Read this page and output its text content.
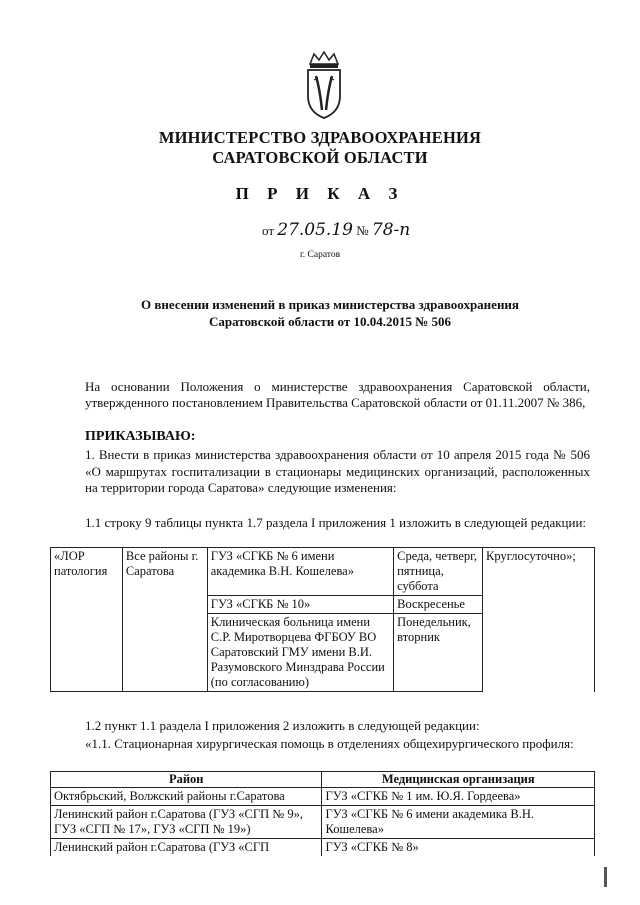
МИНИСТЕРСТВО ЗДРАВООХРАНЕНИЯ
САРАТОВСКОЙ ОБЛАСТИ
П Р И К А З
от 27.05.19 № 78-п
г. Саратов
О внесении изменений в приказ министерства здравоохранения
Саратовской области от 10.04.2015 № 506
На основании Положения о министерстве здравоохранения Саратовской области, утвержденного постановлением Правительства Саратовской области от 01.11.2007 № 386,
ПРИКАЗЫВАЮ:
1. Внести в приказ министерства здравоохранения области от 10 апреля 2015 года № 506 «О маршрутах госпитализации в стационары медицинских организаций, расположенных на территории города Саратова» следующие изменения:
1.1 строку 9 таблицы пункта 1.7 раздела I приложения 1 изложить в следующей редакции:
«ЛОР патология	Все районы г. Саратова	ГУЗ «СГКБ № 6 имени академика В.Н. Кошелева»	Среда, четверг, пятница, суббота	Круглосуточно»;
		ГУЗ «СГКБ № 10»	Воскресенье	
		Клиническая больница имени С.Р. Миротворцева ФГБОУ ВО Саратовский ГМУ имени В.И. Разумовского Минздрава России (по согласованию)	Понедельник, вторник	
1.2 пункт 1.1 раздела I приложения 2 изложить в следующей редакции:
«1.1. Стационарная хирургическая помощь в отделениях общехирургического профиля:
Район	Медицинская организация
Октябрьский, Волжский районы г.Саратова	ГУЗ «СГКБ № 1 им. Ю.Я. Гордеева»
Ленинский район г.Саратова (ГУЗ «СГП № 9», ГУЗ «СГП № 17», ГУЗ «СГП № 19»)	ГУЗ «СГКБ № 6 имени академика В.Н. Кошелева»
Ленинский район г.Саратова (ГУЗ «СГП	ГУЗ «СГКБ № 8»
